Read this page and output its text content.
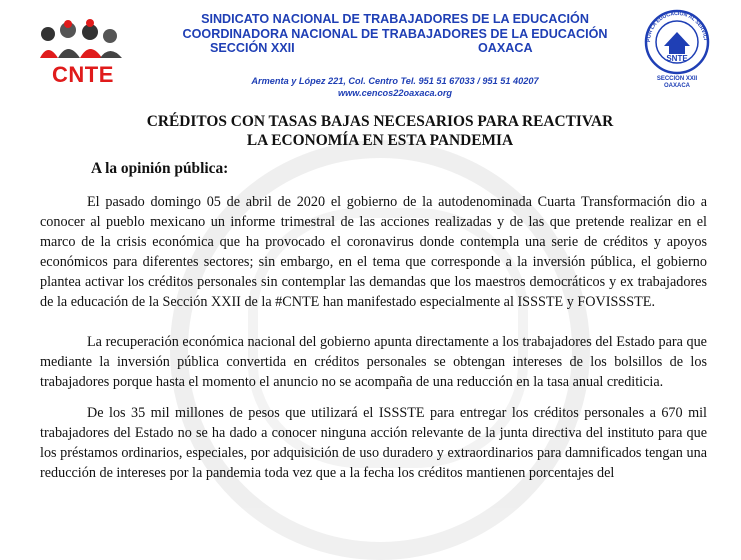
CNTE
SINDICATO NACIONAL DE TRABAJADORES DE LA EDUCACIÓN
COORDINADORA NACIONAL DE TRABAJADORES DE LA EDUCACIÓN
SECCIÓN XXII	OAXACA
Armenta y López 221, Col. Centro Tel. 951 51 67033 / 951 51 40207
www.cencos22oaxaca.org
POR LA EDUCACION AL SERVICI
SNTE
SECCION XXII
OAXACA
CRÉDITOS CON TASAS BAJAS NECESARIOS PARA REACTIVAR
LA ECONOMÍA EN ESTA PANDEMIA
A la opinión pública:
El pasado domingo 05 de abril de 2020 el gobierno de la autodenominada Cuarta Transformación dio a conocer al pueblo mexicano un informe trimestral de las acciones realizadas y de las que pretende realizar en el marco de la crisis económica que ha provocado el coronavirus donde contempla una serie de créditos y apoyos económicos para diferentes sectores; sin embargo, en el tema que corresponde a la inversión pública, el gobierno plantea activar los créditos personales sin contemplar las demandas que los maestros democráticos y ex trabajadores de la educación de la Sección XXII de la #CNTE han manifestado especialmente al ISSSTE y FOVISSSTE.
La recuperación económica nacional del gobierno apunta directamente a los trabajadores del Estado para que mediante la inversión pública convertida en créditos personales se obtengan intereses de los bolsillos de los trabajadores porque hasta el momento el anuncio no se acompaña de una reducción en la tasa anual crediticia.
De los 35 mil millones de pesos que utilizará el ISSSTE para entregar los créditos personales a 670 mil trabajadores del Estado no se ha dado a conocer ninguna acción relevante de la junta directiva del instituto para que los préstamos ordinarios, especiales, por adquisición de uso duradero y extraordinarios para damnificados tengan una reducción de intereses por la pandemia toda vez que a la fecha los créditos mantienen porcentajes del
